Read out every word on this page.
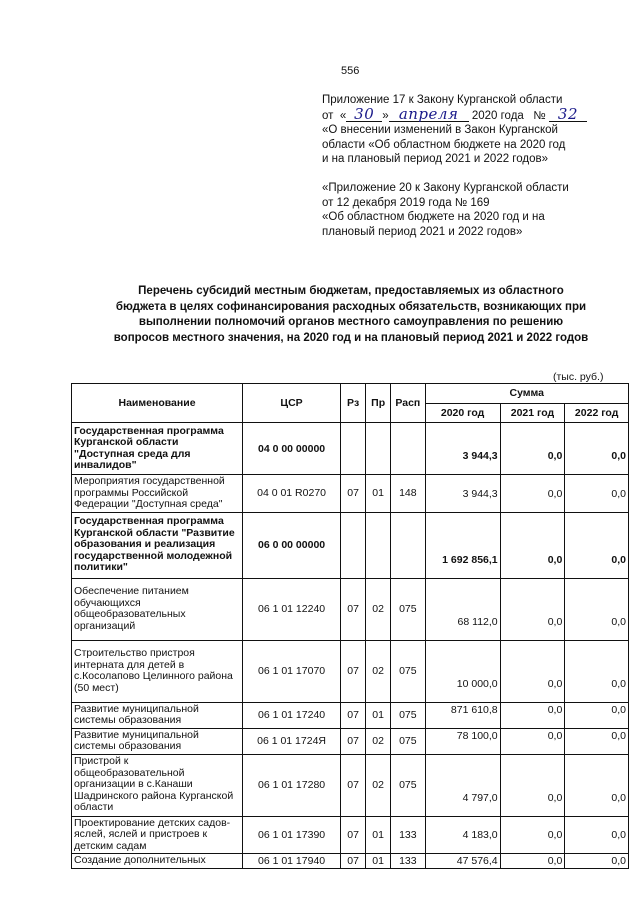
556
Приложение 17 к Закону Курганской области
от « 30 » апреля 2020 года № 32
«О внесении изменений в Закон Курганской
области «Об областном бюджете на 2020 год
и на плановый период 2021 и 2022 годов»
«Приложение 20 к Закону Курганской области
от 12 декабря 2019 года № 169
«Об областном бюджете на 2020 год и на
плановый период 2021 и 2022 годов»
Перечень субсидий местным бюджетам, предоставляемых из областного
бюджета в целях софинансирования расходных обязательств, возникающих при
выполнении полномочий органов местного самоуправления по решению
вопросов местного значения, на 2020 год и на плановый период 2021 и 2022 годов
(тыс. руб.)
Наименование	ЦСР	Рз	Пр	Расп	Сумма		
					2020 год	2021 год	2022 год
Государственная программа Курганской области "Доступная среда для инвалидов"	04 0 00 00000				3 944,3	0,0	0,0
Мероприятия государственной программы Российской Федерации "Доступная среда"	04 0 01 R0270	07	01	148	3 944,3	0,0	0,0
Государственная программа Курганской области "Развитие образования и реализация государственной молодежной политики"	06 0 00 00000				1 692 856,1	0,0	0,0
Обеспечение питанием обучающихся общеобразовательных организаций	06 1 01 12240	07	02	075	68 112,0	0,0	0,0
Строительство пристроя интерната для детей в с.Косолапово Целинного района (50 мест)	06 1 01 17070	07	02	075	10 000,0	0,0	0,0
Развитие муниципальной системы образования	06 1 01 17240	07	01	075	871 610,8	0,0	0,0
Развитие муниципальной системы образования	06 1 01 1724Я	07	02	075	78 100,0	0,0	0,0
Пристрой к общеобразовательной организации в с.Канаши Шадринского района Курганской области	06 1 01 17280	07	02	075	4 797,0	0,0	0,0
Проектирование детских садов-яслей, яслей и пристроев к детским садам	06 1 01 17390	07	01	133	4 183,0	0,0	0,0
Создание дополнительных	06 1 01 17940	07	01	133	47 576,4	0,0	0,0
